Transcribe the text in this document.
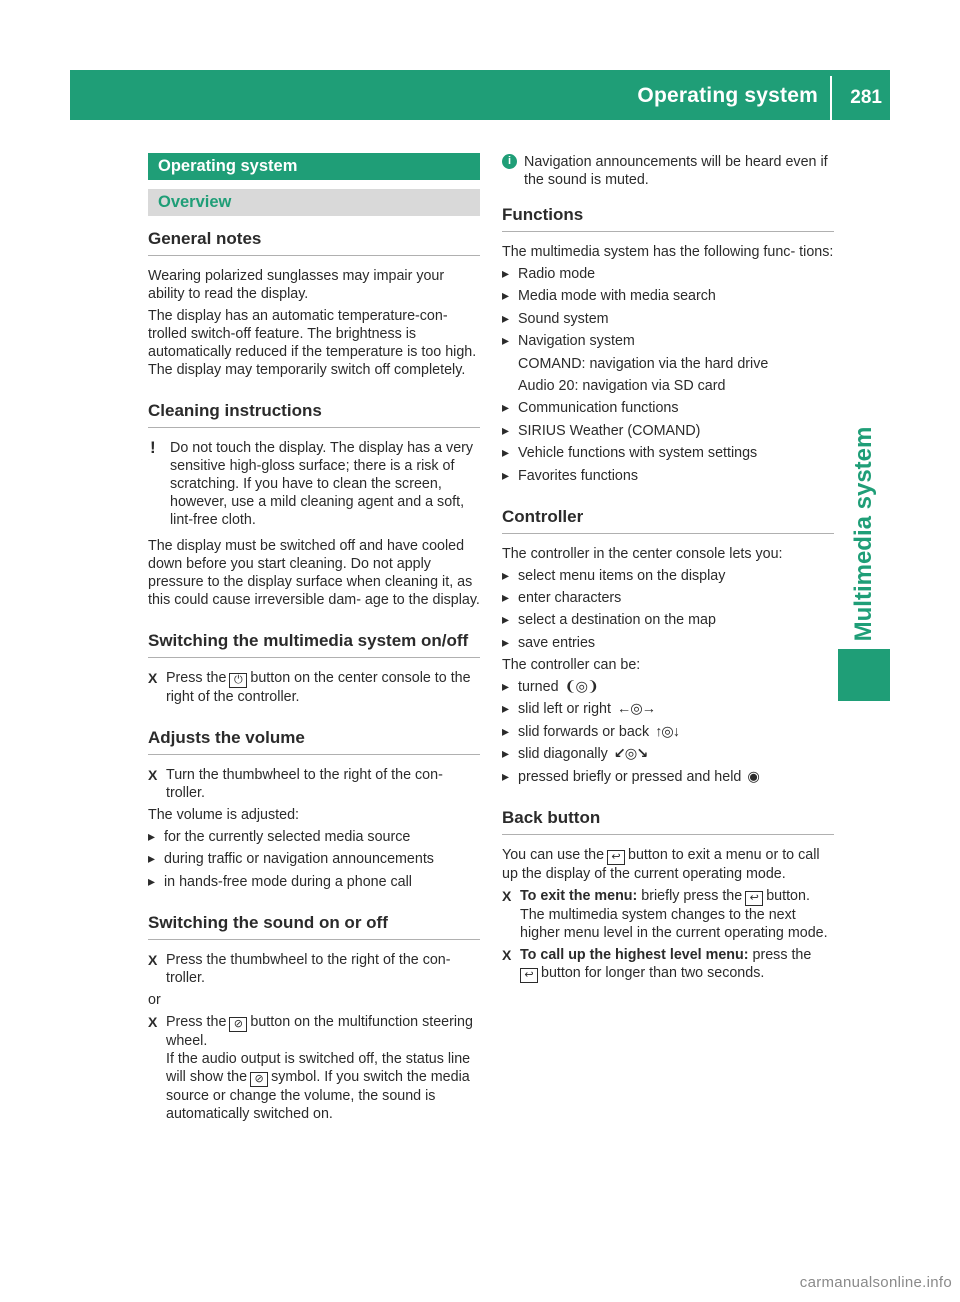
Operating system 281
Multimedia system
Operating system
Overview
General notes

Wearing polarized sunglasses may impair your ability to read the display.

The display has an automatic temperature-con- trolled switch-off feature. The brightness is automatically reduced if the temperature is too high. The display may temporarily switch off completely.

Cleaning instructions
! Do not touch the display. The display has a very sensitive high-gloss surface; there is a risk of scratching. If you have to clean the screen, however, use a mild cleaning agent and a soft, lint-free cloth.

The display must be switched off and have cooled down before you start cleaning. Do not apply pressure to the display surface when cleaning it, as this could cause irreversible dam- age to the display.

Switching the multimedia system on/off
X Press the ⏻ button on the center console to the right of the controller.
Adjusts the volume
X Turn the thumbwheel to the right of the con- troller.

The volume is adjusted:

▸ for the currently selected media source
▸ during traffic or navigation announcements
▸ in hands-free mode during a phone call
Switching the sound on or off
X Press the thumbwheel to the right of the con- troller.

or

X Press the ⊘ button on the multifunction steering wheel.
If the audio output is switched off, the status line will show the ⊘ symbol. If you switch the media source or change the volume, the sound is automatically switched on.
i Navigation announcements will be heard even if the sound is muted.
Functions

The multimedia system has the following func- tions:

▸ Radio mode
▸ Media mode with media search
▸ Sound system
▸ Navigation system
COMAND: navigation via the hard drive
Audio 20: navigation via SD card
▸ Communication functions
▸ SIRIUS Weather (COMAND)
▸ Vehicle functions with system settings
▸ Favorites functions
Controller

The controller in the center console lets you:

▸ select menu items on the display
▸ enter characters
▸ select a destination on the map
▸ save entries

The controller can be:

▸ turned ❨◎❩
▸ slid left or right ←◎→
▸ slid forwards or back ↑◎↓
▸ slid diagonally ↙◎↘
▸ pressed briefly or pressed and held ◉
Back button

You can use the ↩ button to exit a menu or to call up the display of the current operating mode.

X To exit the menu: briefly press the ↩ button.
The multimedia system changes to the next higher menu level in the current operating mode.
X To call up the highest level menu: press the
↩ button for longer than two seconds.
carmanualsonline.info
